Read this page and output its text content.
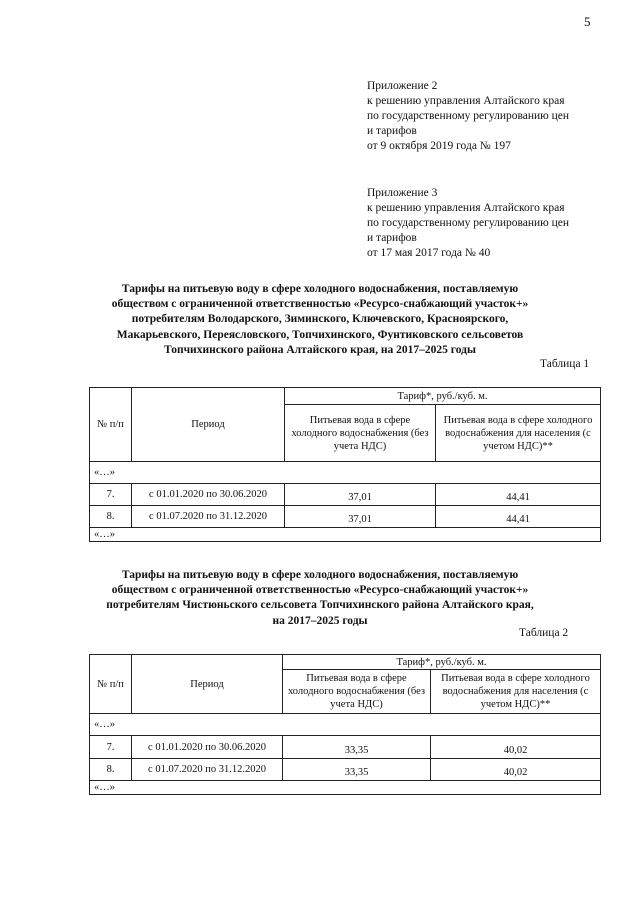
5
Приложение 2
к решению управления Алтайского края
по государственному регулированию цен
и тарифов
от 9 октября 2019 года № 197
Приложение 3
к решению управления Алтайского края
по государственному регулированию цен
и тарифов
от 17 мая 2017 года № 40
Тарифы на питьевую воду в сфере холодного водоснабжения, поставляемую
обществом с ограниченной ответственностью «Ресурсо-снабжающий участок+»
потребителям Володарского, Зиминского, Ключевского, Красноярского,
Макарьевского, Переясловского, Топчихинского, Фунтиковского сельсоветов
Топчихинского района Алтайского края, на 2017–2025 годы
Таблица 1
№ п/п	Период	Тариф*, руб./куб. м.	
		Питьевая вода в сфере холодного водоснабжения (без учета НДС)	Питьевая вода в сфере холодного водоснабжения для населения (с учетом НДС)**
«…»			
7.	с 01.01.2020 по 30.06.2020	37,01	44,41
8.	с 01.07.2020 по 31.12.2020	37,01	44,41
«…»			
Тарифы на питьевую воду в сфере холодного водоснабжения, поставляемую
обществом с ограниченной ответственностью «Ресурсо-снабжающий участок+»
потребителям Чистюньского сельсовета Топчихинского района Алтайского края,
на 2017–2025 годы
Таблица 2
№ п/п	Период	Тариф*, руб./куб. м.	
		Питьевая вода в сфере холодного водоснабжения (без учета НДС)	Питьевая вода в сфере холодного водоснабжения для населения (с учетом НДС)**
«…»			
7.	с 01.01.2020 по 30.06.2020	33,35	40,02
8.	с 01.07.2020 по 31.12.2020	33,35	40,02
«…»			
